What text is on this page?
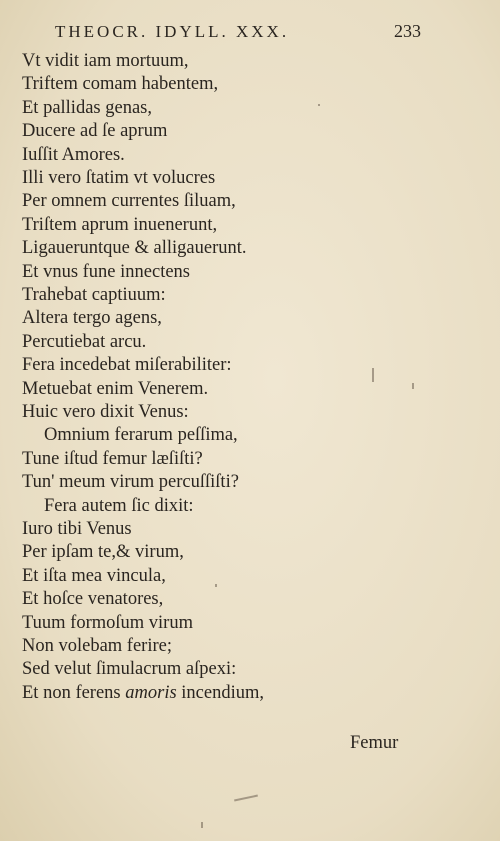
THEOCR. IDYLL. XXX.	233
Vt vidit iam mortuum,
Triftem comam habentem,
Et pallidas genas,
Ducere ad ſe aprum
Iuſſit Amores.
Illi vero ſtatim vt volucres
Per omnem currentes ſiluam,
Triſtem aprum inuenerunt,
Ligaueruntque & alligauerunt.
Et vnus fune innectens
Trahebat captiuum:
Altera tergo agens,
Percutiebat arcu.
Fera incedebat miſerabiliter:
Metuebat enim Venerem.
Huic vero dixit Venus:
Omnium ferarum peſſima,
Tune iſtud femur læſiſti?
Tun' meum virum percuſſiſti?
Fera autem ſic dixit:
Iuro tibi Venus
Per ipſam te,& virum,
Et iſta mea vincula,
Et hoſce venatores,
Tuum formoſum virum
Non volebam ferire;
Sed velut ſimulacrum aſpexi:
Et non ferens amoris incendium,
Femur
